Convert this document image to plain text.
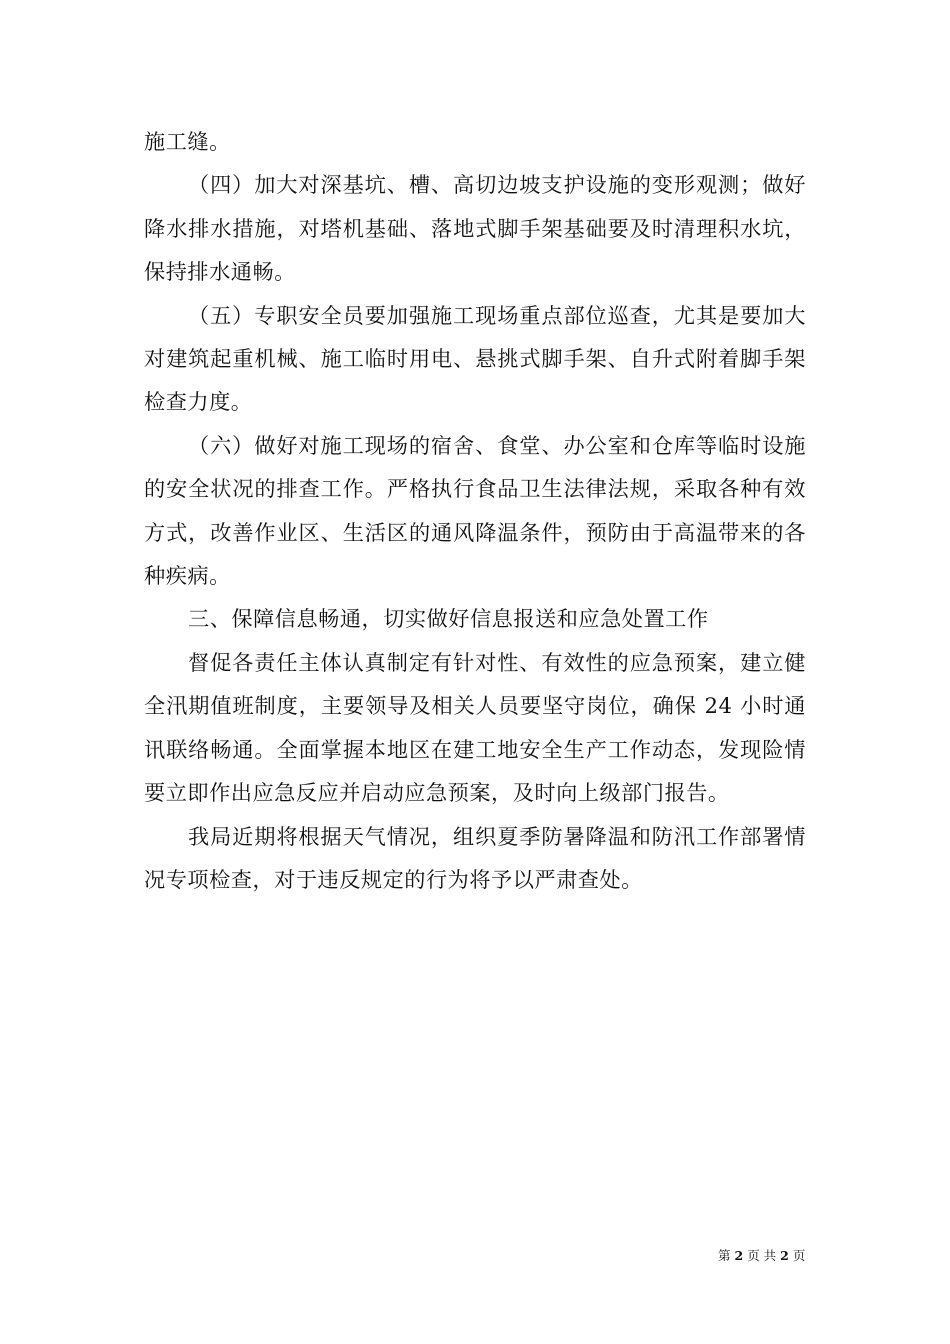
施工缝。

（四）加大对深基坑、槽、高切边坡支护设施的变形观测；做好降水排水措施，对塔机基础、落地式脚手架基础要及时清理积水坑，保持排水通畅。

（五）专职安全员要加强施工现场重点部位巡查，尤其是要加大对建筑起重机械、施工临时用电、悬挑式脚手架、自升式附着脚手架检查力度。

（六）做好对施工现场的宿舍、食堂、办公室和仓库等临时设施的安全状况的排查工作。严格执行食品卫生法律法规，采取各种有效方式，改善作业区、生活区的通风降温条件，预防由于高温带来的各种疾病。

三、保障信息畅通，切实做好信息报送和应急处置工作

督促各责任主体认真制定有针对性、有效性的应急预案，建立健全汛期值班制度，主要领导及相关人员要坚守岗位，确保 24 小时通讯联络畅通。全面掌握本地区在建工地安全生产工作动态，发现险情要立即作出应急反应并启动应急预案，及时向上级部门报告。

我局近期将根据天气情况，组织夏季防暑降温和防汛工作部署情况专项检查，对于违反规定的行为将予以严肃查处。

第 2 页 共 2 页
